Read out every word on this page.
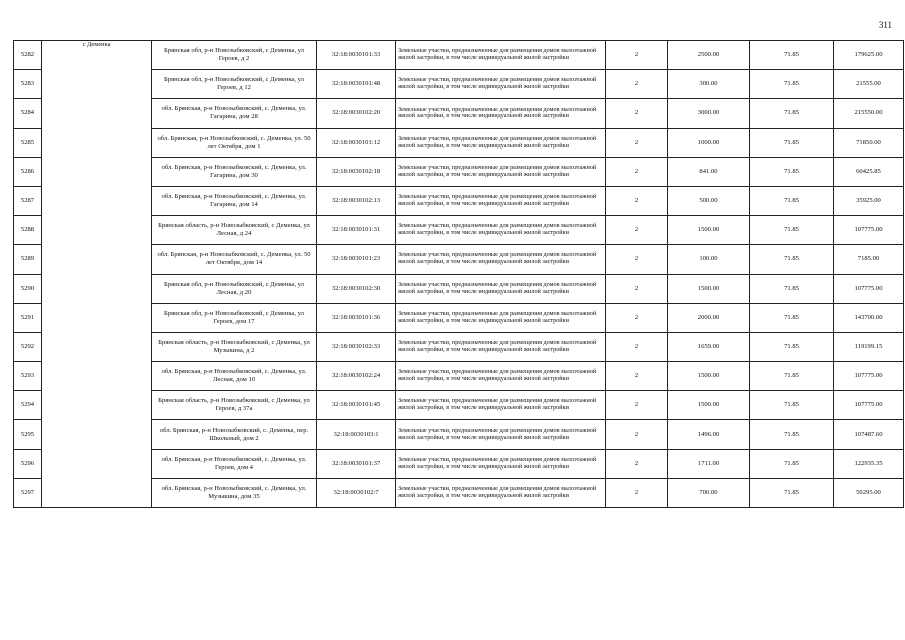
311
5282	с Деменка	Брянская обл, р-н Новозыбковский, с Деменка, ул Героев, д 2	32:18:0030101:33	Земельные участки, предназначенные для размещения домов малоэтажной жилой застройки, в том числе индивидуальной жилой застройки	2	2500.00	71.85	179625.00
5283		Брянская обл, р-н Новозыбковский, с Деменка, ул Героев, д 12	32:18:0030101:48	Земельные участки, предназначенные для размещения домов малоэтажной жилой застройки, в том числе индивидуальной жилой застройки	2	300.00	71.85	21555.00
5284		обл. Брянская, р-н Новозыбковский, с. Деменка, ул. Гагарина, дом 28	32:18:0030102:20	Земельные участки, предназначенные для размещения домов малоэтажной жилой застройки, в том числе индивидуальной жилой застройки	2	3000.00	71.85	215550.00
5285		обл. Брянская, р-н Новозыбковский, с. Деменка, ул. 50 лет Октября, дом 1	32:18:0030101:12	Земельные участки, предназначенные для размещения домов малоэтажной жилой застройки, в том числе индивидуальной жилой застройки	2	1000.00	71.85	71850.00
5286		обл. Брянская, р-н Новозыбковский, с. Деменка, ул. Гагарина, дом 30	32:18:0030102:18	Земельные участки, предназначенные для размещения домов малоэтажной жилой застройки, в том числе индивидуальной жилой застройки	2	841.00	71.85	60425.85
5287		обл. Брянская, р-н Новозыбковский, с. Деменка, ул. Гагарина, дом 14	32:18:0030102:13	Земельные участки, предназначенные для размещения домов малоэтажной жилой застройки, в том числе индивидуальной жилой застройки	2	500.00	71.85	35925.00
5288		Брянская область, р-н Новозыбковский, с Деменка, ул Лесная, д 24	32:18:0030101:31	Земельные участки, предназначенные для размещения домов малоэтажной жилой застройки, в том числе индивидуальной жилой застройки	2	1500.00	71.85	107775.00
5289		обл. Брянская, р-н Новозыбковский, с. Деменка, ул. 50 лет Октября, дом 14	32:18:0030101:23	Земельные участки, предназначенные для размещения домов малоэтажной жилой застройки, в том числе индивидуальной жилой застройки	2	100.00	71.85	7185.00
5290		Брянская обл, р-н Новозыбковский, с Деменка, ул Лесная, д 20	32:18:0030102:30	Земельные участки, предназначенные для размещения домов малоэтажной жилой застройки, в том числе индивидуальной жилой застройки	2	1500.00	71.85	107775.00
5291		Брянская обл, р-н Новозыбковский, с Деменка, ул Героев, дом 17	32:18:0030101:36	Земельные участки, предназначенные для размещения домов малоэтажной жилой застройки, в том числе индивидуальной жилой застройки	2	2000.00	71.85	143700.00
5292		Брянская область, р-н Новозыбковский, с Деменка, ул Музыкина, д 2	32:18:0030102:33	Земельные участки, предназначенные для размещения домов малоэтажной жилой застройки, в том числе индивидуальной жилой застройки	2	1659.00	71.85	119199.15
5293		обл. Брянская, р-н Новозыбковский, с. Деменка, ул. Лесная, дом 10	32:18:0030102:24	Земельные участки, предназначенные для размещения домов малоэтажной жилой застройки, в том числе индивидуальной жилой застройки	2	1500.00	71.85	107775.00
5294		Брянская область, р-н Новозыбковский, с Деменка, ул Героев, д 37а	32:18:0030101:45	Земельные участки, предназначенные для размещения домов малоэтажной жилой застройки, в том числе индивидуальной жилой застройки	2	1500.00	71.85	107775.00
5295		обл. Брянская, р-н Новозыбковский, с. Деменка, пер. Школьный, дом 2	32:18:0030103:1	Земельные участки, предназначенные для размещения домов малоэтажной жилой застройки, в том числе индивидуальной жилой застройки	2	1496.00	71.85	107487.60
5296		обл. Брянская, р-н Новозыбковский, с. Деменка, ул. Героев, дом 4	32:18:0030101:37	Земельные участки, предназначенные для размещения домов малоэтажной жилой застройки, в том числе индивидуальной жилой застройки	2	1711.00	71.85	122935.35
5297		обл. Брянская, р-н Новозыбковский, с. Деменка, ул. Музыкина, дом 35	32:18:0030102:7	Земельные участки, предназначенные для размещения домов малоэтажной жилой застройки, в том числе индивидуальной жилой застройки	2	700.00	71.85	50295.00
